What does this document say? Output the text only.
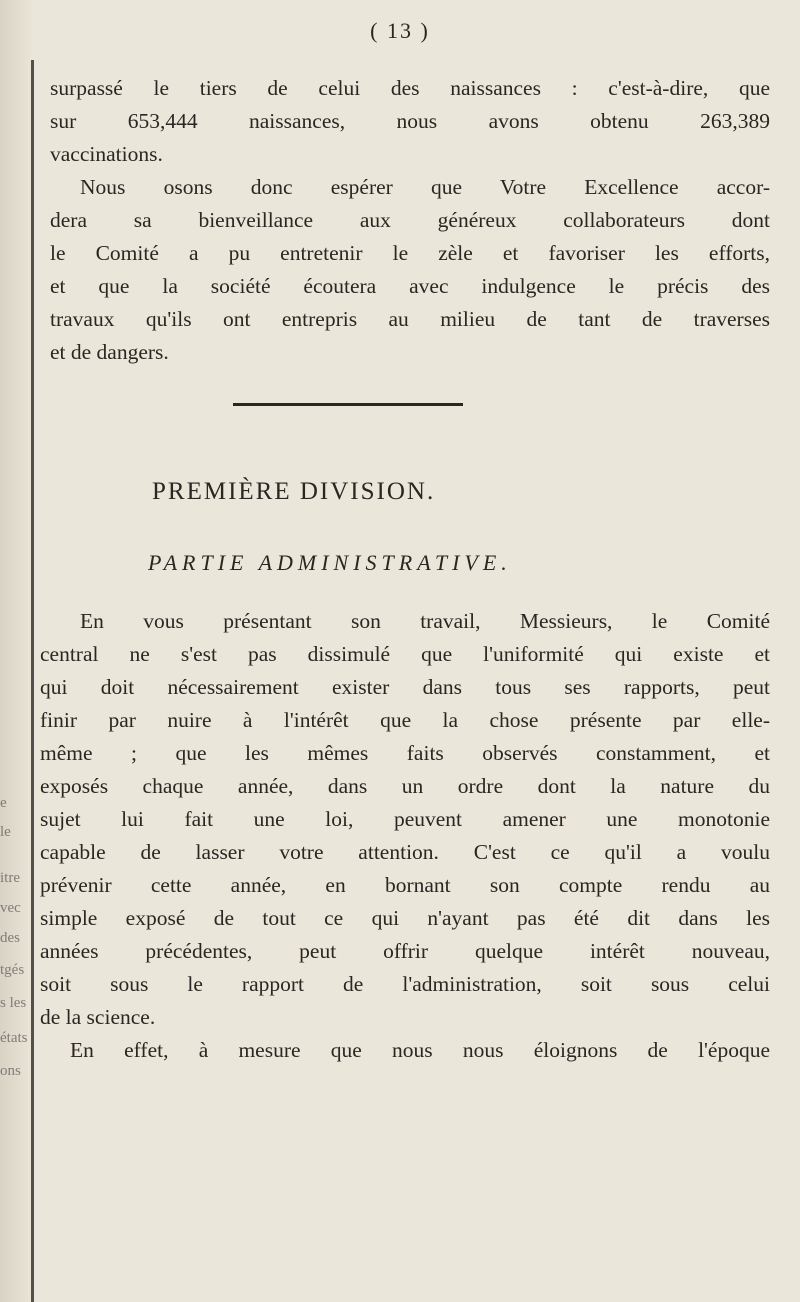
e
le
itre
vec
des
tgés
s les
états
ons
( 13 )
surpassé le tiers de celui des naissances : c'est-à-dire, que
sur 653,444 naissances, nous avons obtenu 263,389
vaccinations.
Nous osons donc espérer que Votre Excellence accor-
dera sa bienveillance aux généreux collaborateurs dont
le Comité a pu entretenir le zèle et favoriser les efforts,
et que la société écoutera avec indulgence le précis des
travaux qu'ils ont entrepris au milieu de tant de traverses
et de dangers.
PREMIÈRE DIVISION.
PARTIE ADMINISTRATIVE.
En vous présentant son travail, Messieurs, le Comité
central ne s'est pas dissimulé que l'uniformité qui existe et
qui doit nécessairement exister dans tous ses rapports, peut
finir par nuire à l'intérêt que la chose présente par elle-
même ; que les mêmes faits observés constamment, et
exposés chaque année, dans un ordre dont la nature du
sujet lui fait une loi, peuvent amener une monotonie
capable de lasser votre attention. C'est ce qu'il a voulu
prévenir cette année, en bornant son compte rendu au
simple exposé de tout ce qui n'ayant pas été dit dans les
années précédentes, peut offrir quelque intérêt nouveau,
soit sous le rapport de l'administration, soit sous celui
de la science.
En effet, à mesure que nous nous éloignons de l'époque
